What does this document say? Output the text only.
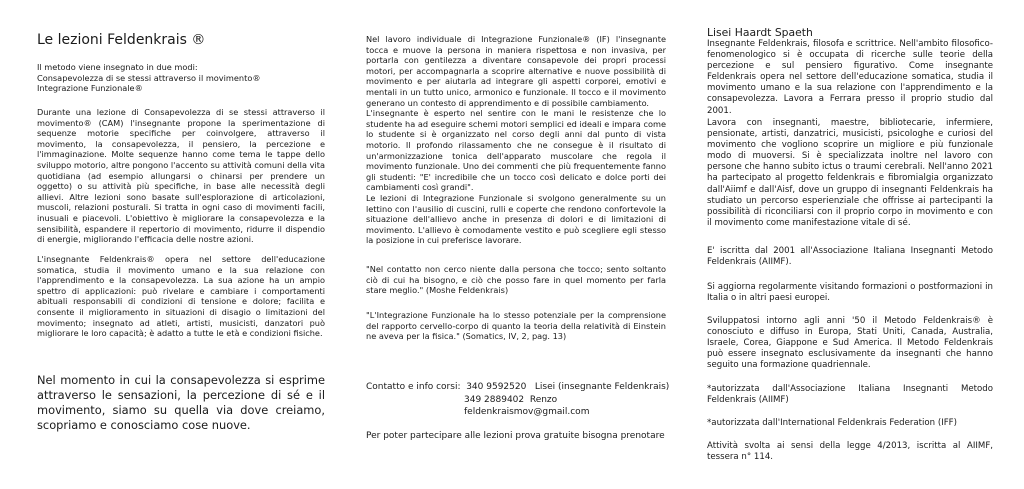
Le lezioni Feldenkrais ®

Il metodo viene insegnato in due modi:

Consapevolezza di se stessi attraverso il movimento®

Integrazione Funzionale®

Durante una lezione di Consapevolezza di se stessi attraverso il movimento® (CAM) l'insegnante propone la sperimentazione di sequenze motorie specifiche per coinvolgere, attraverso il movimento, la consapevolezza, il pensiero, la percezione e l'immaginazione. Molte sequenze hanno come tema le tappe dello sviluppo motorio, altre pongono l'accento su attività comuni della vita quotidiana (ad esempio allungarsi o chinarsi per prendere un oggetto) o su attività più specifiche, in base alle necessità degli allievi. Altre lezioni sono basate sull'esplorazione di articolazioni, muscoli, relazioni posturali. Si tratta in ogni caso di movimenti facili, inusuali e piacevoli. L'obiettivo è migliorare la consapevolezza e la sensibilità, espandere il repertorio di movimento, ridurre il dispendio di energie, migliorando l'efficacia delle nostre azioni.

L'insegnante Feldenkrais® opera nel settore dell'educazione somatica, studia il movimento umano e la sua relazione con l'apprendimento e la consapevolezza. La sua azione ha un ampio spettro di applicazioni: può rivelare e cambiare i comportamenti abituali responsabili di condizioni di tensione e dolore; facilita e consente il miglioramento in situazioni di disagio o limitazioni del movimento; insegnato ad atleti, artisti, musicisti, danzatori può migliorare le loro capacità; è adatto a tutte le età e condizioni fisiche.

Nel momento in cui la consapevolezza si esprime attraverso le sensazioni, la percezione di sé e il movimento, siamo su quella via dove creiamo, scopriamo e conosciamo cose nuove.

Nel lavoro individuale di Integrazione Funzionale® (IF) l'insegnante tocca e muove la persona in maniera rispettosa e non invasiva, per portarla con gentilezza a diventare consapevole dei propri processi motori, per accompagnarla a scoprire alternative e nuove possibilità di movimento e per aiutarla ad integrare gli aspetti corporei, emotivi e mentali in un tutto unico, armonico e funzionale. Il tocco e il movimento generano un contesto di apprendimento e di possibile cambiamento.

L'insegnante è esperto nel sentire con le mani le resistenze che lo studente ha ad eseguire schemi motori semplici ed ideali e impara come lo studente si è organizzato nel corso degli anni dal punto di vista motorio. Il profondo rilassamento che ne consegue è il risultato di un'armonizzazione tonica dell'apparato muscolare che regola il movimento funzionale. Uno dei commenti che più frequentemente fanno gli studenti: "E' incredibile che un tocco così delicato e dolce porti dei cambiamenti così grandi".

Le lezioni di Integrazione Funzionale si svolgono generalmente su un lettino con l'ausilio di cuscini, rulli e coperte che rendono confortevole la situazione dell'allievo anche in presenza di dolori e di limitazioni di movimento. L'allievo è comodamente vestito e può scegliere egli stesso la posizione in cui preferisce lavorare.

"Nel contatto non cerco niente dalla persona che tocco; sento soltanto ciò di cui ha bisogno, e ciò che posso fare in quel momento per farla stare meglio." (Moshe Feldenkrais)

"L'Integrazione Funzionale ha lo stesso potenziale per la comprensione del rapporto cervello-corpo di quanto la teoria della relatività di Einstein ne aveva per la fisica." (Somatics, IV, 2, pag. 13)

Contatto e info corsi:  340 9592520   Lisei (insegnante Feldenkrais)

349 2889402  Renzo

feldenkraismov@gmail.com

Per poter partecipare alle lezioni prova gratuite bisogna prenotare

Lisei Haardt Spaeth

Insegnante Feldenkrais, filosofa e scrittrice. Nell'ambito filosofico-fenomenologico si è occupata di ricerche sulle teorie della percezione e sul pensiero figurativo. Come insegnante Feldenkrais opera nel settore dell'educazione somatica, studia il movimento umano e la sua relazione con l'apprendimento e la consapevolezza. Lavora a Ferrara presso il proprio studio dal 2001.

Lavora con insegnanti, maestre, bibliotecarie, infermiere, pensionate, artisti, danzatrici, musicisti, psicologhe e curiosi del movimento che vogliono scoprire un migliore e più funzionale modo di muoversi. Si è specializzata inoltre nel lavoro con persone che hanno subito ictus o traumi cerebrali. Nell'anno 2021 ha partecipato al progetto feldenkrais e fibromialgia organizzato dall'Aiimf e dall'Aisf, dove un gruppo di insegnanti Feldenkrais ha studiato un percorso esperienziale che offrisse ai partecipanti la possibilità di riconciliarsi con il proprio corpo in movimento e con il movimento come manifestazione vitale di sé.

E' iscritta dal 2001 all'Associazione Italiana Insegnanti Metodo Feldenkrais (AIIMF).

Si aggiorna regolarmente visitando formazioni o postformazioni in Italia o in altri paesi europei.

Sviluppatosi intorno agli anni '50 il Metodo Feldenkrais® è conosciuto e diffuso in Europa, Stati Uniti, Canada, Australia, Israele, Corea, Giappone e Sud America. Il Metodo Feldenkrais può essere insegnato esclusivamente da insegnanti che hanno seguito una formazione quadriennale.

*autorizzata dall'Associazione Italiana Insegnanti Metodo Feldenkrais (AIIMF)

*autorizzata dall'International Feldenkrais Federation (IFF)

Attività svolta ai sensi della legge 4/2013, iscritta al AIIMF, tessera n° 114.
